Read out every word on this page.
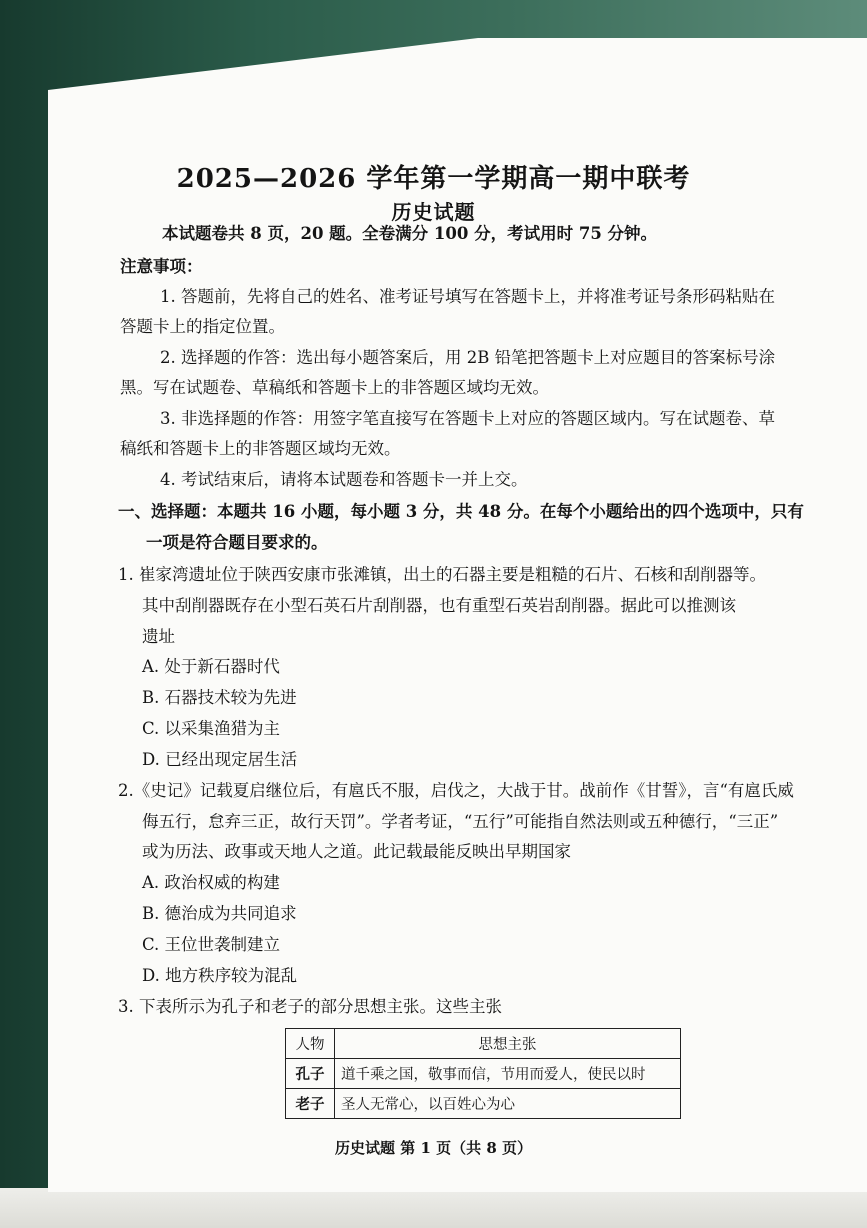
2025—2026 学年第一学期高一期中联考
历史试题
本试题卷共 8 页，20 题。全卷满分 100 分，考试用时 75 分钟。
注意事项：
1. 答题前，先将自己的姓名、准考证号填写在答题卡上，并将准考证号条形码粘贴在
答题卡上的指定位置。
2. 选择题的作答：选出每小题答案后，用 2B 铅笔把答题卡上对应题目的答案标号涂
黑。写在试题卷、草稿纸和答题卡上的非答题区域均无效。
3. 非选择题的作答：用签字笔直接写在答题卡上对应的答题区域内。写在试题卷、草
稿纸和答题卡上的非答题区域均无效。
4. 考试结束后，请将本试题卷和答题卡一并上交。
一、选择题：本题共 16 小题，每小题 3 分，共 48 分。在每个小题给出的四个选项中，只有
一项是符合题目要求的。
1. 崔家湾遗址位于陕西安康市张滩镇，出土的石器主要是粗糙的石片、石核和刮削器等。
其中刮削器既存在小型石英石片刮削器，也有重型石英岩刮削器。据此可以推测该
遗址
A. 处于新石器时代
B. 石器技术较为先进
C. 以采集渔猎为主
D. 已经出现定居生活
2.《史记》记载夏启继位后，有扈氏不服，启伐之，大战于甘。战前作《甘誓》，言“有扈氏威
侮五行，怠弃三正，故行天罚”。学者考证，“五行”可能指自然法则或五种德行，“三正”
或为历法、政事或天地人之道。此记载最能反映出早期国家
A. 政治权威的构建
B. 德治成为共同追求
C. 王位世袭制建立
D. 地方秩序较为混乱
3. 下表所示为孔子和老子的部分思想主张。这些主张
人物	思想主张
孔子	道千乘之国，敬事而信，节用而爱人，使民以时
老子	圣人无常心，以百姓心为心
历史试题 第 1 页（共 8 页）
